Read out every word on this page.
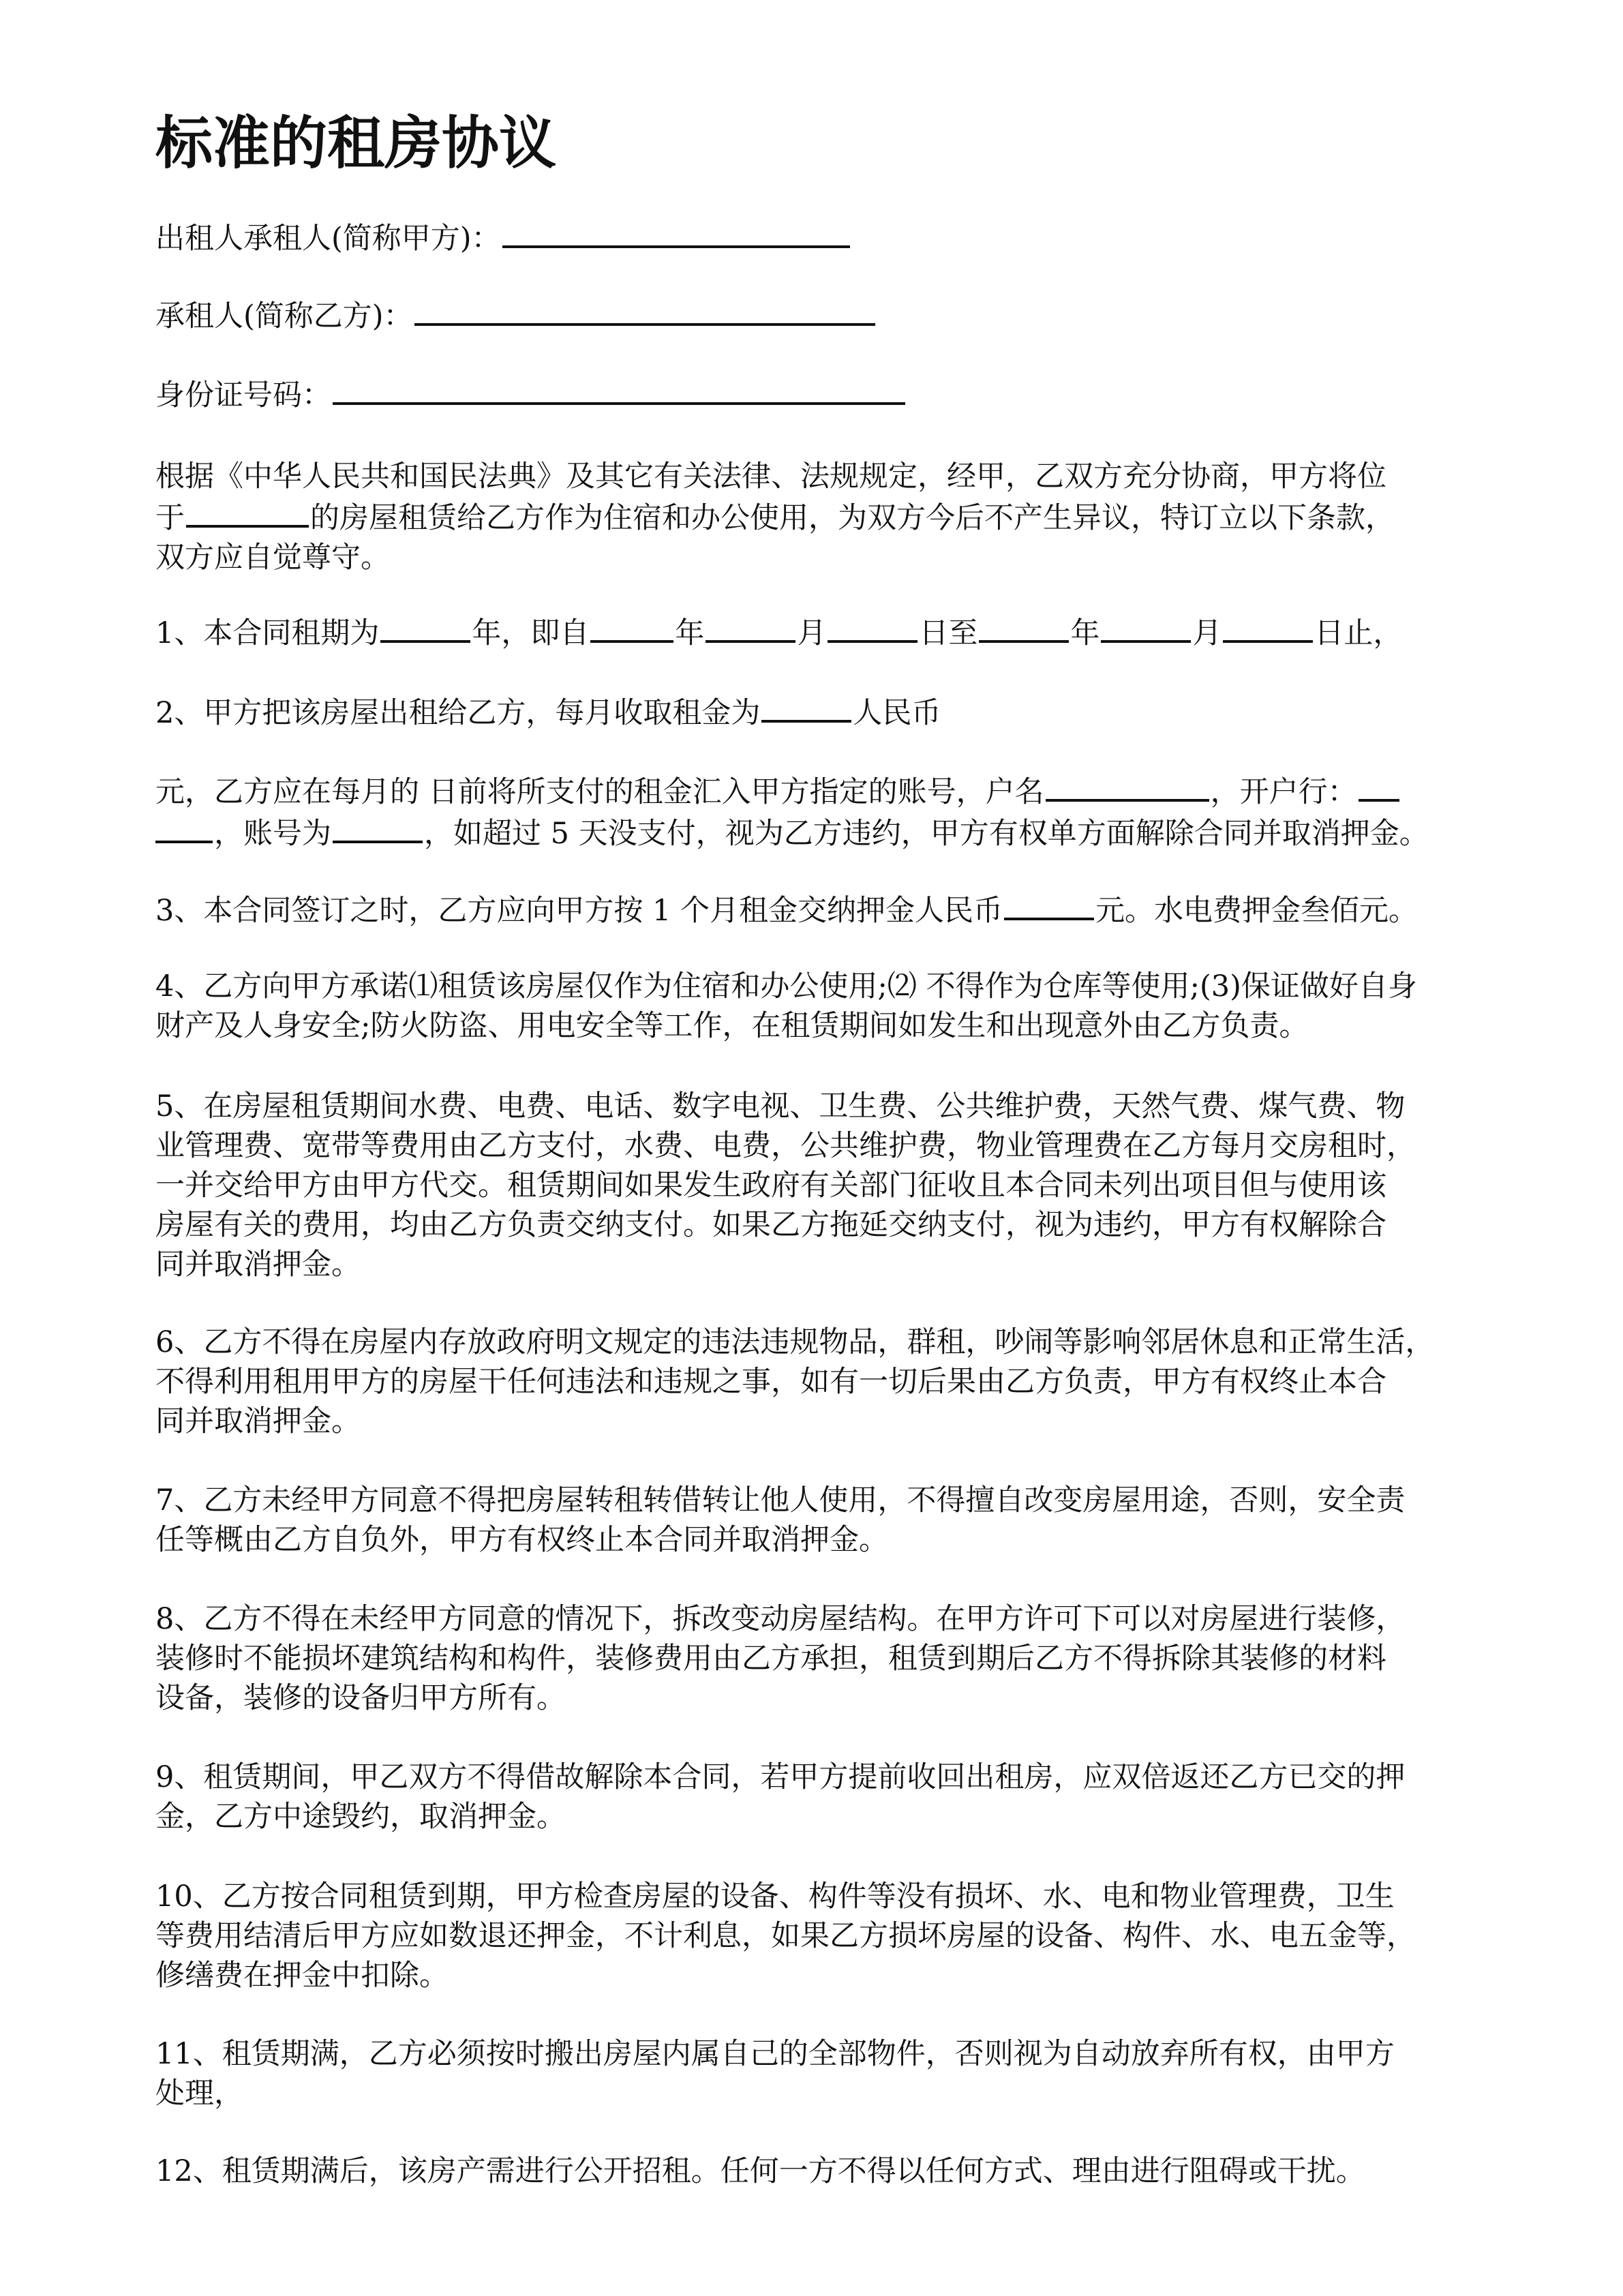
标准的租房协议

出租人承租人(简称甲方)：

承租人(简称乙方)：

身份证号码：

根据《中华人民共和国民法典》及其它有关法律、法规规定，经甲，乙双方充分协商，甲方将位
于	的房屋租赁给乙方作为住宿和办公使用，为双方今后不产生异议，特订立以下条款，
双方应自觉尊守。

1、本合同租期为	年，即自	年	月	日至	年	月	日止，

2、甲方把该房屋出租给乙方，每月收取租金为	人民币

元，乙方应在每月的 日前将所支付的租金汇入甲方指定的账号，户名	，开户行：
，账号为	，如超过 5 天没支付，视为乙方违约，甲方有权单方面解除合同并取消押金。

3、本合同签订之时，乙方应向甲方按 1 个月租金交纳押金人民币	元。水电费押金叁佰元。

4、乙方向甲方承诺⑴租赁该房屋仅作为住宿和办公使用;⑵ 不得作为仓库等使用;(3)保证做好自身
财产及人身安全;防火防盗、用电安全等工作，在租赁期间如发生和出现意外由乙方负责。

5、在房屋租赁期间水费、电费、电话、数字电视、卫生费、公共维护费，天然气费、煤气费、物
业管理费、宽带等费用由乙方支付，水费、电费，公共维护费，物业管理费在乙方每月交房租时，
一并交给甲方由甲方代交。租赁期间如果发生政府有关部门征收且本合同未列出项目但与使用该
房屋有关的费用，均由乙方负责交纳支付。如果乙方拖延交纳支付，视为违约，甲方有权解除合
同并取消押金。

6、乙方不得在房屋内存放政府明文规定的违法违规物品，群租，吵闹等影响邻居休息和正常生活，
不得利用租用甲方的房屋干任何违法和违规之事，如有一切后果由乙方负责，甲方有权终止本合
同并取消押金。

7、乙方未经甲方同意不得把房屋转租转借转让他人使用，不得擅自改变房屋用途，否则，安全责
任等概由乙方自负外，甲方有权终止本合同并取消押金。

8、乙方不得在未经甲方同意的情况下，拆改变动房屋结构。在甲方许可下可以对房屋进行装修，
装修时不能损坏建筑结构和构件，装修费用由乙方承担，租赁到期后乙方不得拆除其装修的材料
设备，装修的设备归甲方所有。

9、租赁期间，甲乙双方不得借故解除本合同，若甲方提前收回出租房，应双倍返还乙方已交的押
金，乙方中途毁约，取消押金。

10、乙方按合同租赁到期，甲方检查房屋的设备、构件等没有损坏、水、电和物业管理费，卫生
等费用结清后甲方应如数退还押金，不计利息，如果乙方损坏房屋的设备、构件、水、电五金等，
修缮费在押金中扣除。

11、租赁期满，乙方必须按时搬出房屋内属自己的全部物件，否则视为自动放弃所有权，由甲方
处理，

12、租赁期满后，该房产需进行公开招租。任何一方不得以任何方式、理由进行阻碍或干扰。
